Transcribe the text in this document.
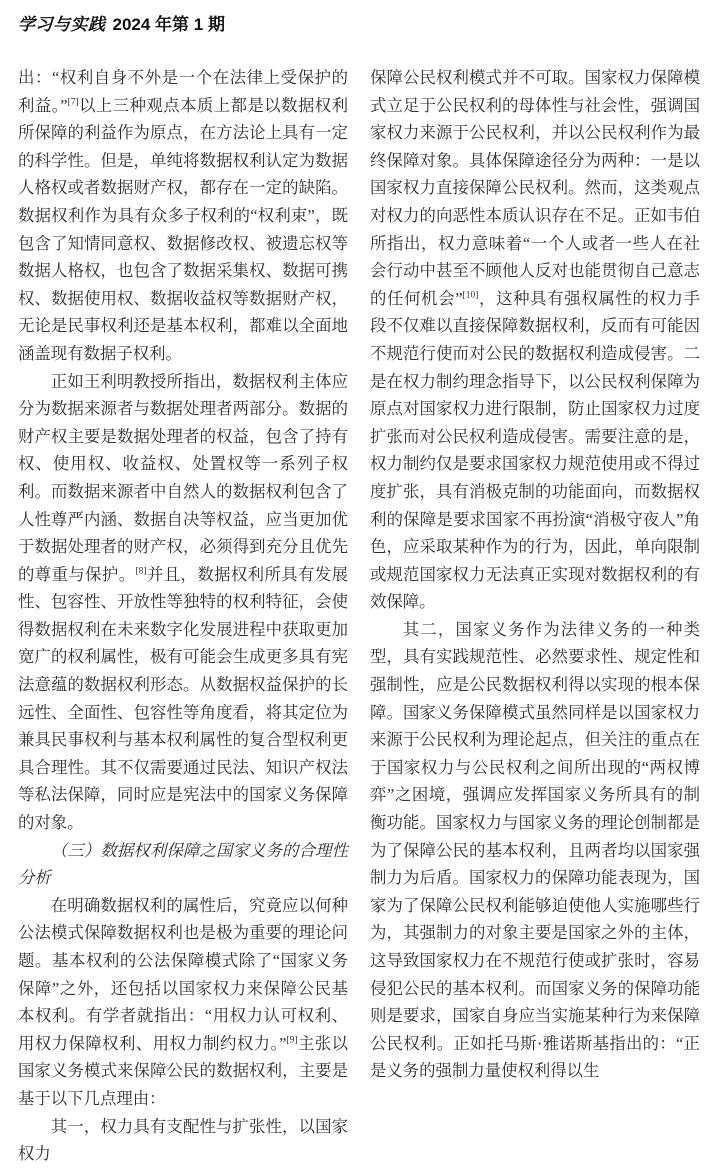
学习与实践 2024 年第 1 期

出：“权利自身不外是一个在法律上受保护的利益。”[7]以上三种观点本质上都是以数据权利所保障的利益作为原点，在方法论上具有一定的科学性。但是，单纯将数据权利认定为数据人格权或者数据财产权，都存在一定的缺陷。数据权利作为具有众多子权利的“权利束”，既包含了知情同意权、数据修改权、被遗忘权等数据人格权，也包含了数据采集权、数据可携权、数据使用权、数据收益权等数据财产权，无论是民事权利还是基本权利，都难以全面地涵盖现有数据子权利。

正如王利明教授所指出，数据权利主体应分为数据来源者与数据处理者两部分。数据的财产权主要是数据处理者的权益，包含了持有权、使用权、收益权、处置权等一系列子权利。而数据来源者中自然人的数据权利包含了人性尊严内涵、数据自决等权益，应当更加优于数据处理者的财产权，必须得到充分且优先的尊重与保护。[8]并且，数据权利所具有发展性、包容性、开放性等独特的权利特征，会使得数据权利在未来数字化发展进程中获取更加宽广的权利属性，极有可能会生成更多具有宪法意蕴的数据权利形态。从数据权益保护的长远性、全面性、包容性等角度看，将其定位为兼具民事权利与基本权利属性的复合型权利更具合理性。其不仅需要通过民法、知识产权法等私法保障，同时应是宪法中的国家义务保障的对象。

（三）数据权利保障之国家义务的合理性分析

在明确数据权利的属性后，究竟应以何种公法模式保障数据权利也是极为重要的理论问题。基本权利的公法保障模式除了“国家义务保障”之外，还包括以国家权力来保障公民基本权利。有学者就指出：“用权力认可权利、用权力保障权利、用权力制约权力。”[9]主张以国家义务模式来保障公民的数据权利，主要是基于以下几点理由：

其一，权力具有支配性与扩张性，以国家权力

保障公民权利模式并不可取。国家权力保障模式立足于公民权利的母体性与社会性，强调国家权力来源于公民权利，并以公民权利作为最终保障对象。具体保障途径分为两种：一是以国家权力直接保障公民权利。然而，这类观点对权力的向恶性本质认识存在不足。正如韦伯所指出，权力意味着“一个人或者一些人在社会行动中甚至不顾他人反对也能贯彻自己意志的任何机会”[10]，这种具有强权属性的权力手段不仅难以直接保障数据权利，反而有可能因不规范行使而对公民的数据权利造成侵害。二是在权力制约理念指导下，以公民权利保障为原点对国家权力进行限制，防止国家权力过度扩张而对公民权利造成侵害。需要注意的是，权力制约仅是要求国家权力规范使用或不得过度扩张，具有消极克制的功能面向，而数据权利的保障是要求国家不再扮演“消极守夜人”角色，应采取某种作为的行为，因此，单向限制或规范国家权力无法真正实现对数据权利的有效保障。

其二，国家义务作为法律义务的一种类型，具有实践规范性、必然要求性、规定性和强制性，应是公民数据权利得以实现的根本保障。国家义务保障模式虽然同样是以国家权力来源于公民权利为理论起点，但关注的重点在于国家权力与公民权利之间所出现的“两权博弈”之困境，强调应发挥国家义务所具有的制衡功能。国家权力与国家义务的理论创制都是为了保障公民的基本权利，且两者均以国家强制力为后盾。国家权力的保障功能表现为，国家为了保障公民权利能够迫使他人实施哪些行为，其强制力的对象主要是国家之外的主体，这导致国家权力在不规范行使或扩张时，容易侵犯公民的基本权利。而国家义务的保障功能则是要求，国家自身应当实施某种行为来保障公民权利。正如托马斯·雅诺斯基指出的：“正是义务的强制力量使权利得以生
